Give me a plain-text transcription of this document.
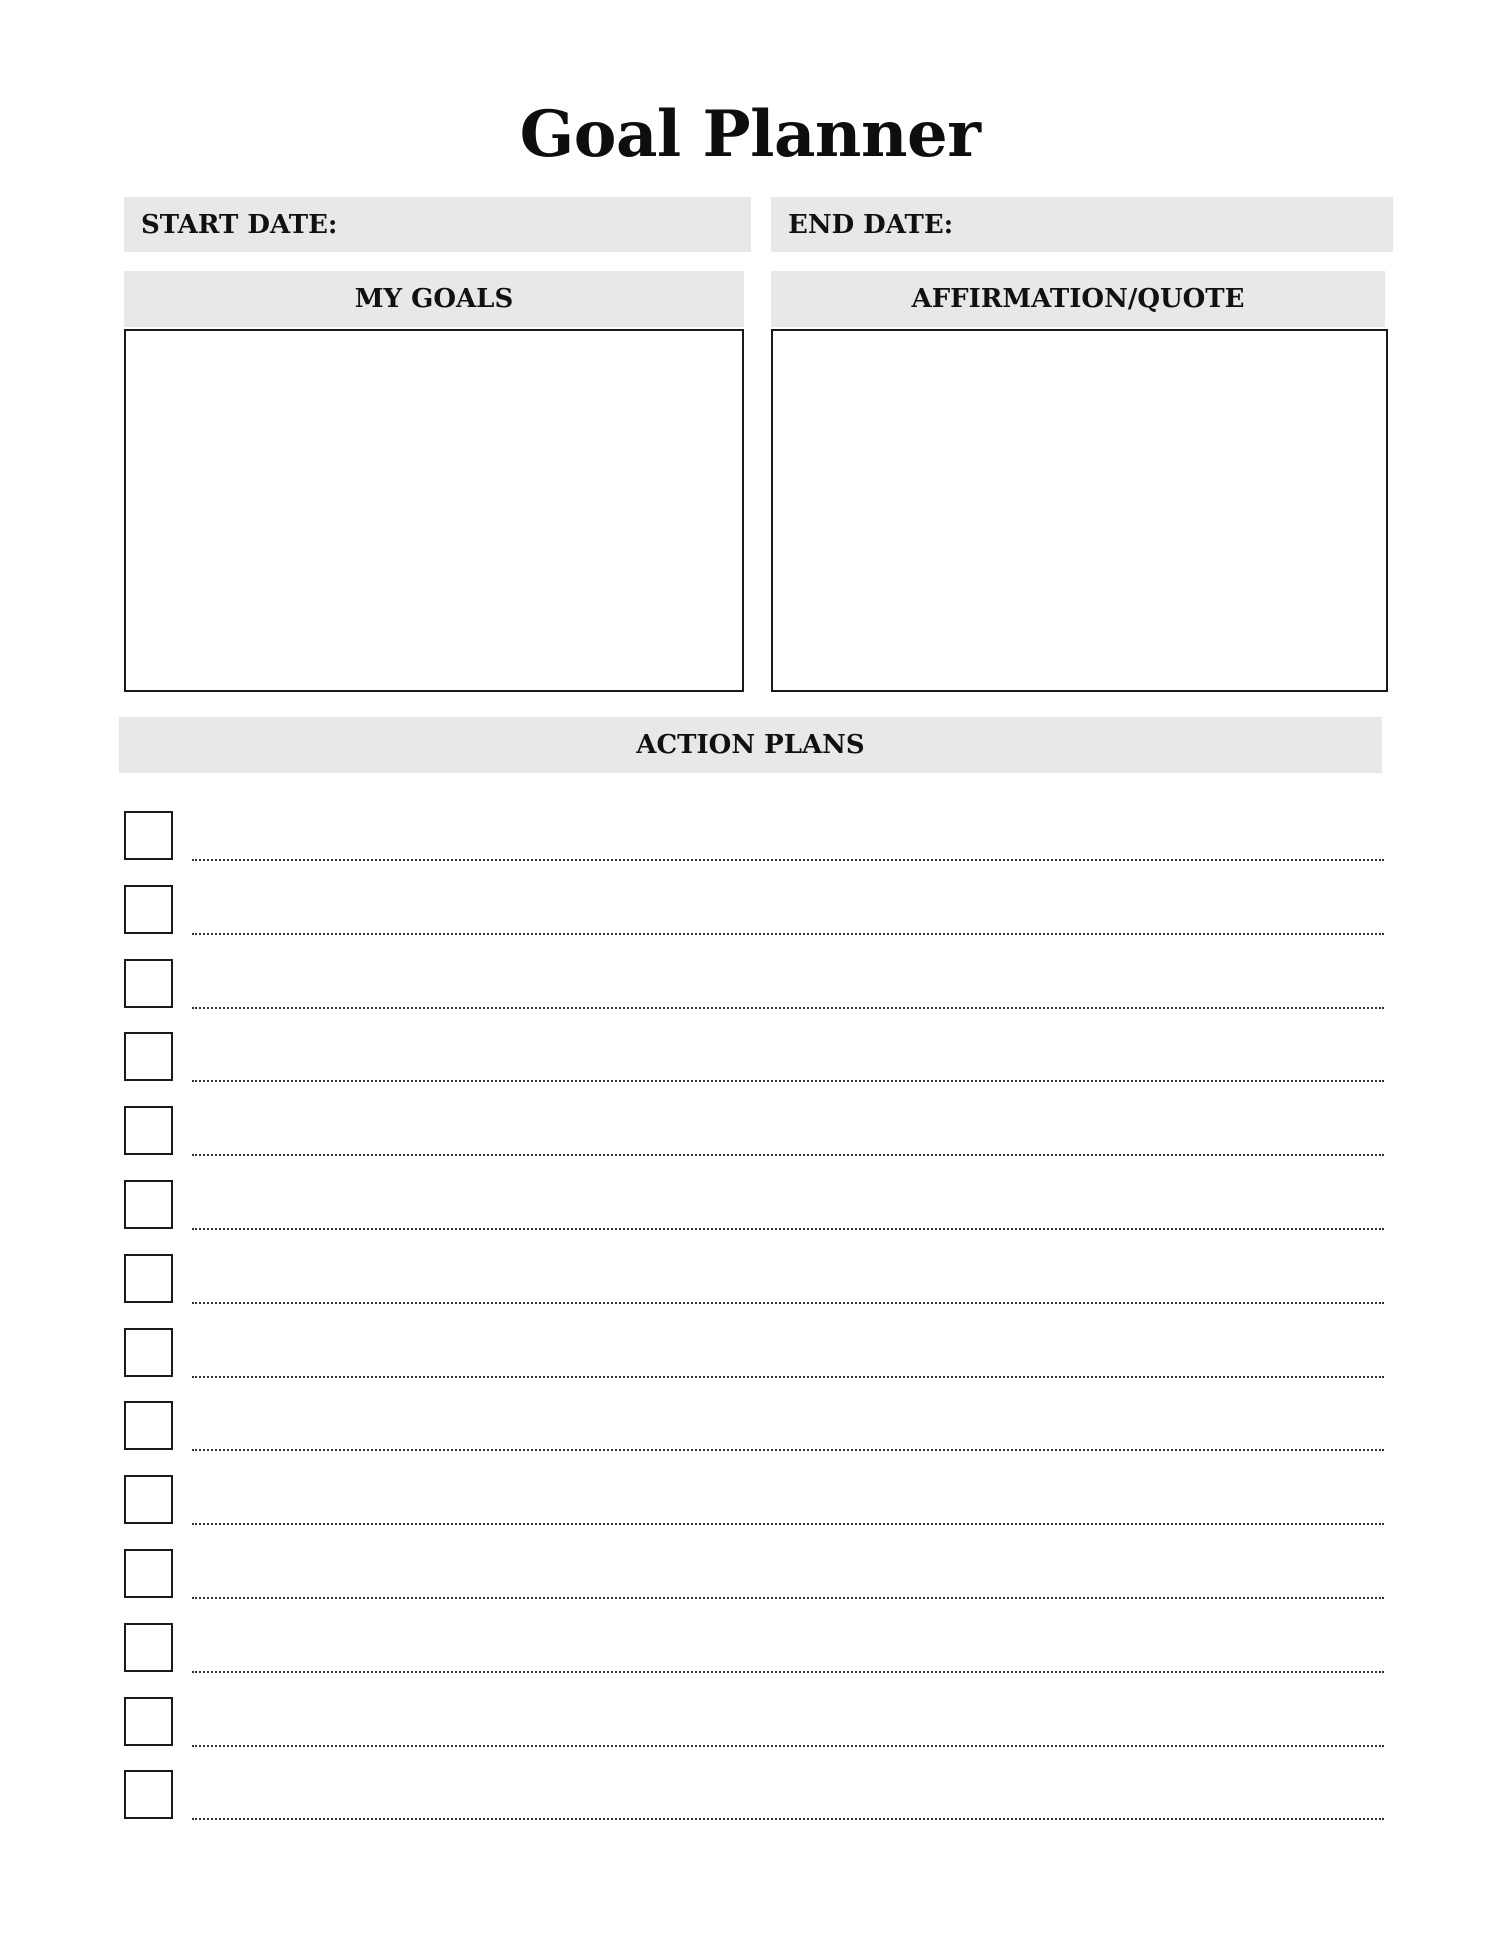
Goal Planner
START DATE:	END DATE:
MY GOALS	AFFIRMATION/QUOTE
ACTION PLANS
